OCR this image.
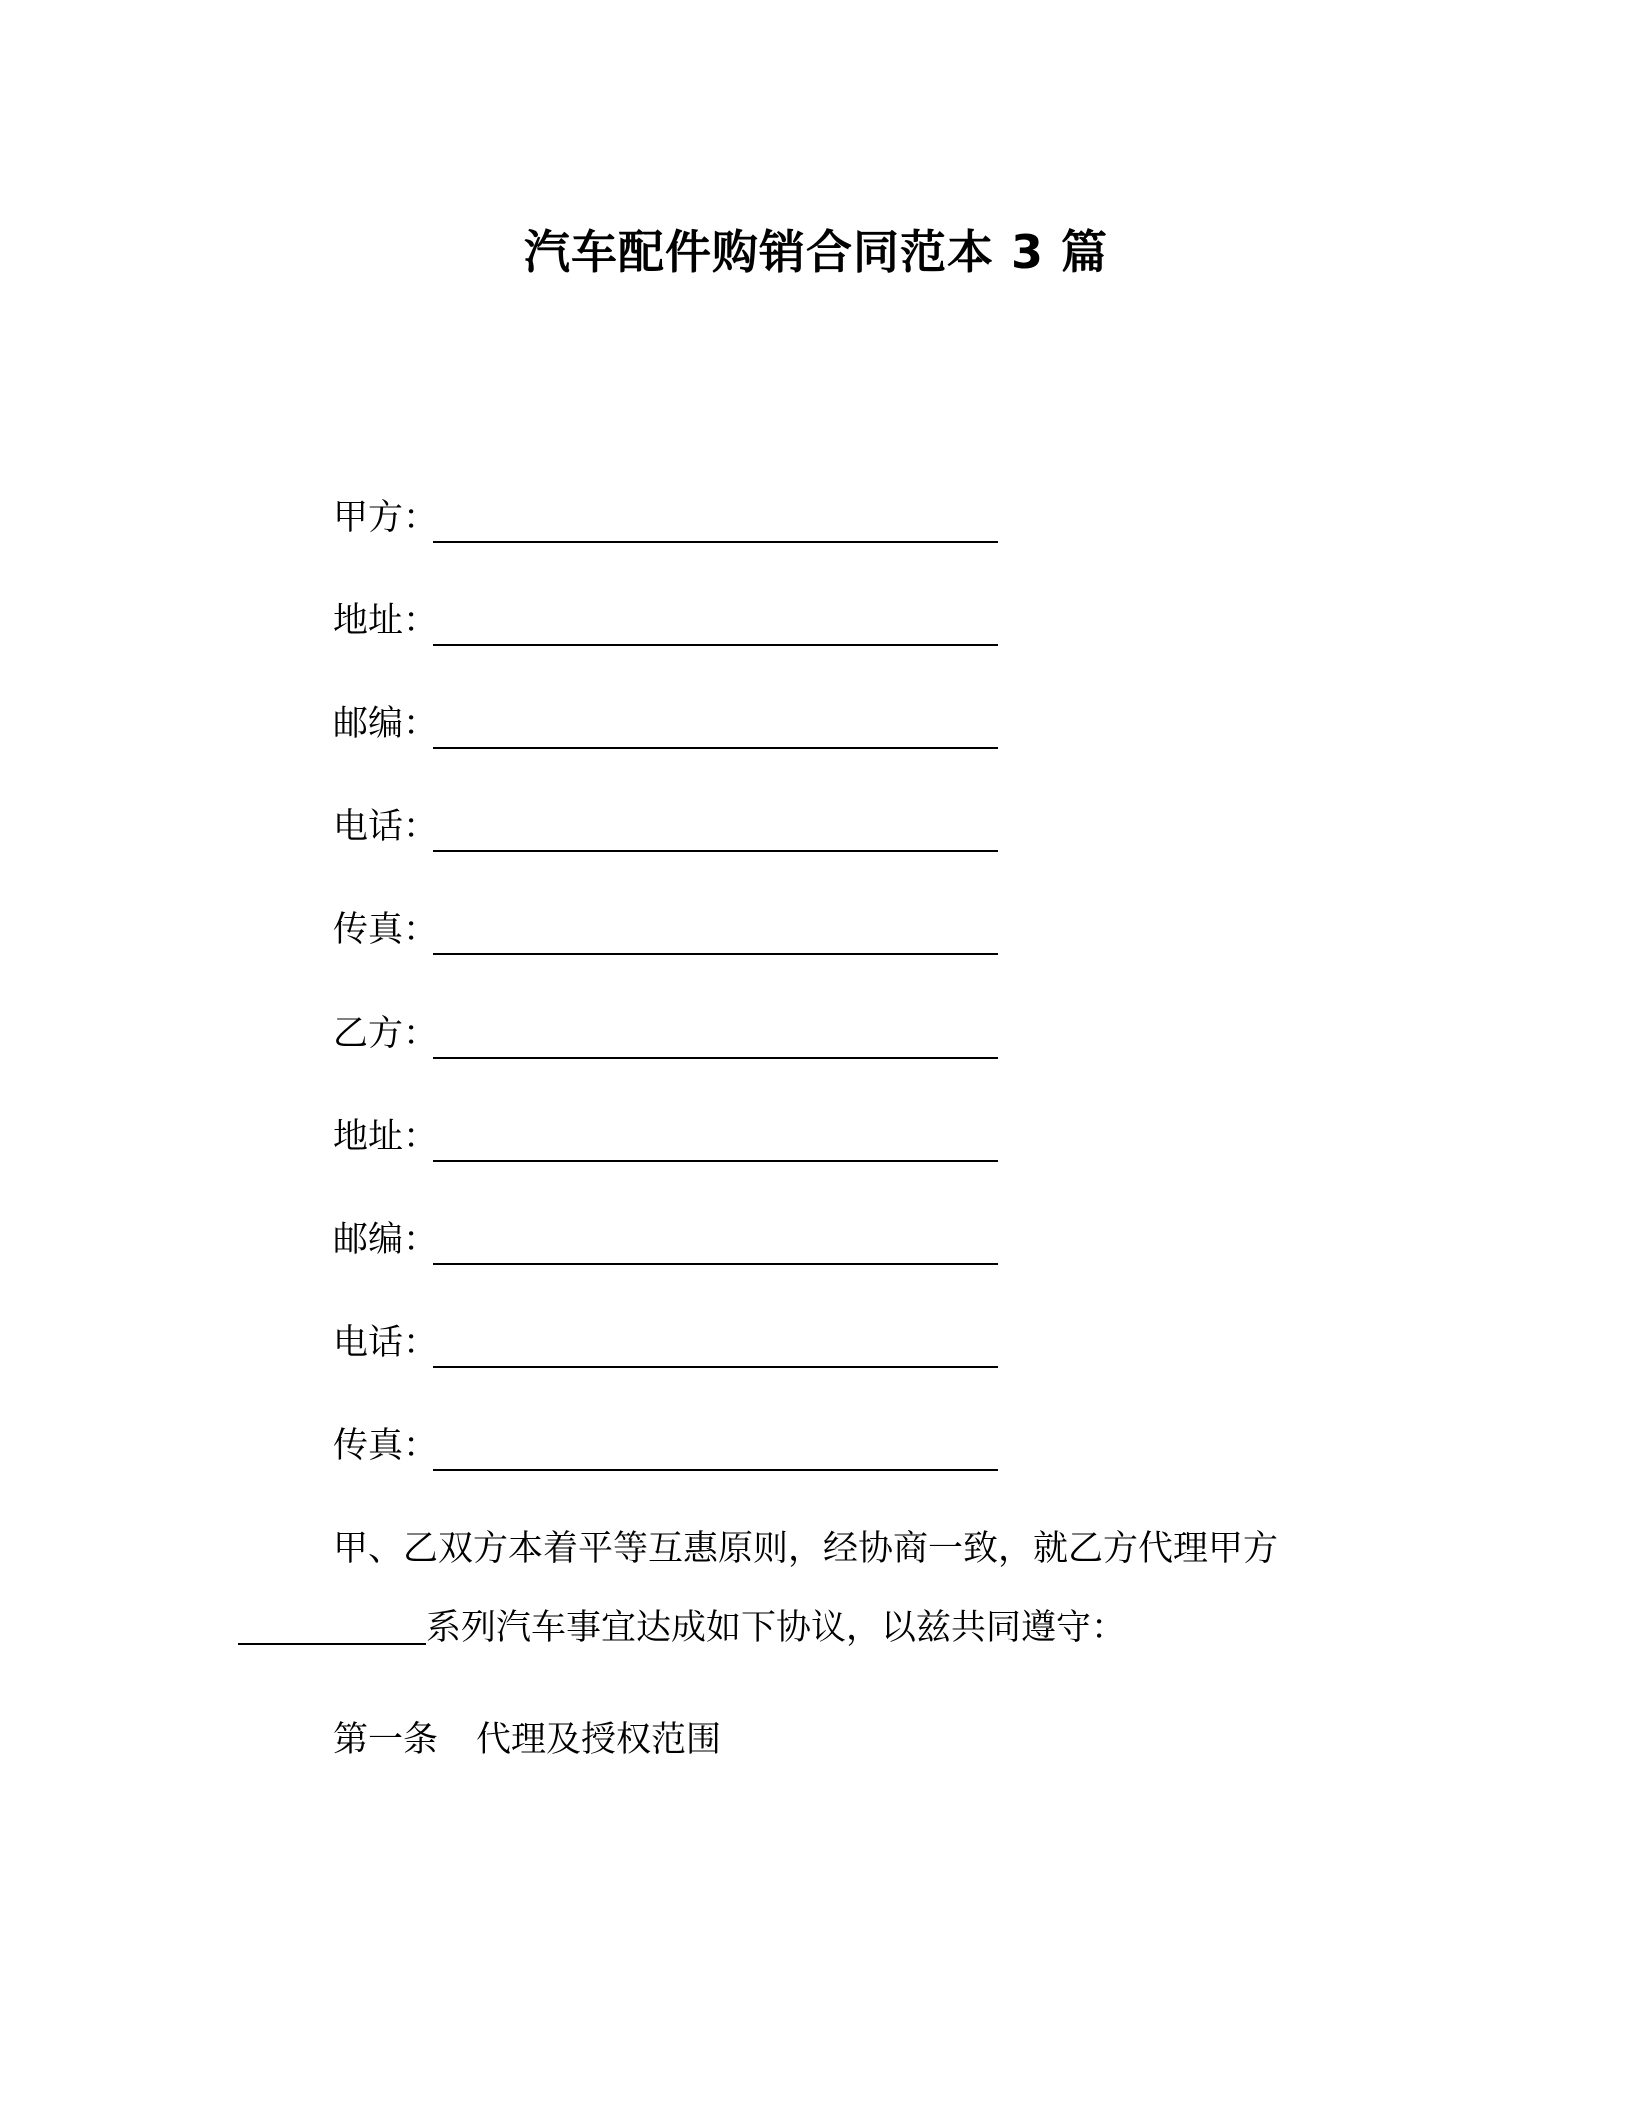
汽车配件购销合同范本 3 篇
甲方 ：
地址 ：
邮编 ：
电话 ：
传真 ：
乙方 ：
地址 ：
邮编 ：
电话 ：
传真 ：
甲、乙双方本着平等互惠原则，经协商一致，就乙方代理甲方
系列汽车事宜达成如下协议，以兹共同遵守：
第一条 代理及授权范围
